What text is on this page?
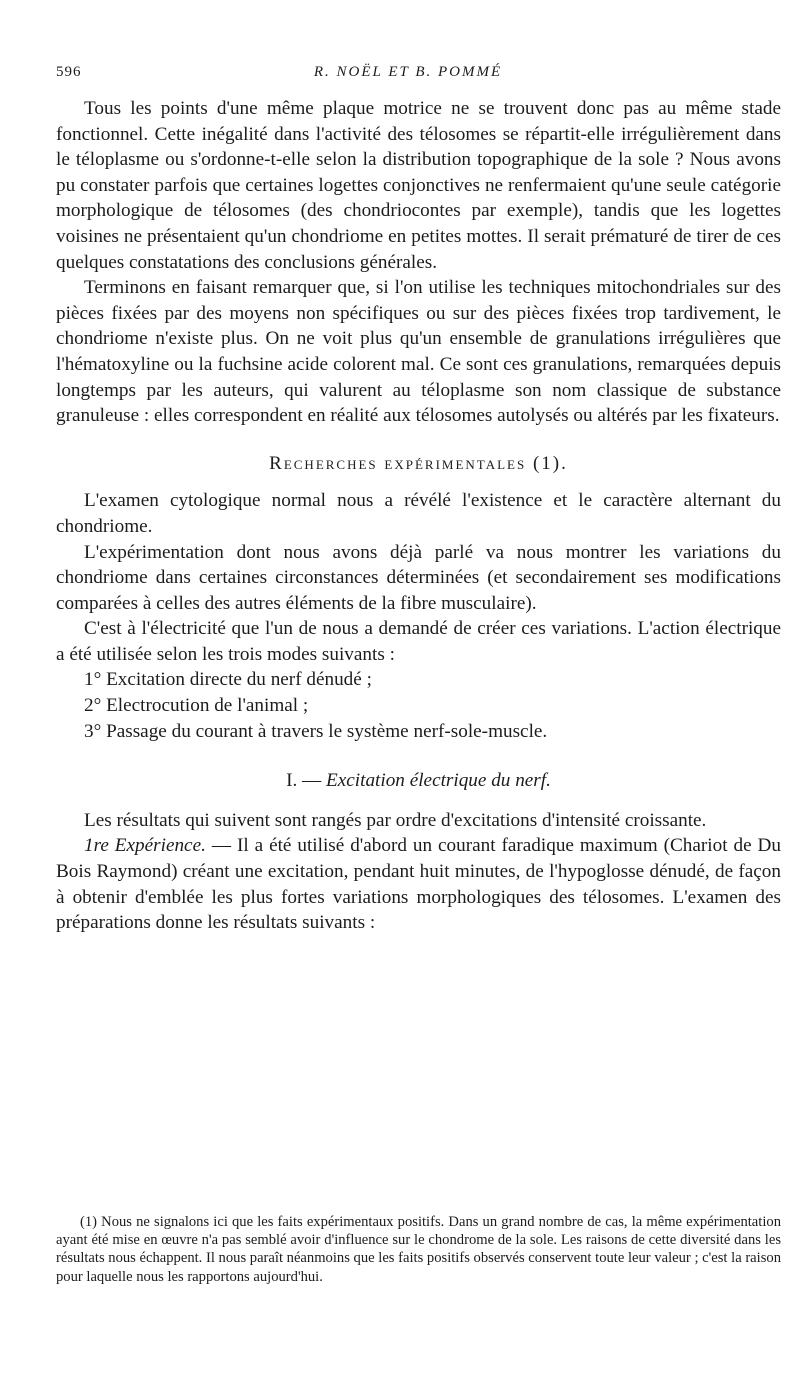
596	R. NOËL ET B. POMMÉ

Tous les points d'une même plaque motrice ne se trouvent donc pas au même stade fonctionnel. Cette inégalité dans l'activité des télosomes se répartit-elle irrégulièrement dans le téloplasme ou s'ordonne-t-elle selon la distribution topographique de la sole ? Nous avons pu constater parfois que certaines logettes conjonctives ne renfermaient qu'une seule catégorie morphologique de télosomes (des chondriocontes par exemple), tandis que les logettes voisines ne présentaient qu'un chondriome en petites mottes. Il serait prématuré de tirer de ces quelques constatations des conclusions générales.

Terminons en faisant remarquer que, si l'on utilise les techniques mitochondriales sur des pièces fixées par des moyens non spécifiques ou sur des pièces fixées trop tardivement, le chondriome n'existe plus. On ne voit plus qu'un ensemble de granulations irrégulières que l'hématoxyline ou la fuchsine acide colorent mal. Ce sont ces granulations, remarquées depuis longtemps par les auteurs, qui valurent au téloplasme son nom classique de substance granuleuse : elles correspondent en réalité aux télosomes autolysés ou altérés par les fixateurs.

Recherches expérimentales (1).

L'examen cytologique normal nous a révélé l'existence et le caractère alternant du chondriome.

L'expérimentation dont nous avons déjà parlé va nous montrer les variations du chondriome dans certaines circonstances déterminées (et secondairement ses modifications comparées à celles des autres éléments de la fibre musculaire).

C'est à l'électricité que l'un de nous a demandé de créer ces variations. L'action électrique a été utilisée selon les trois modes suivants :

1° Excitation directe du nerf dénudé ;

2° Electrocution de l'animal ;

3° Passage du courant à travers le système nerf-sole-muscle.

I. — Excitation électrique du nerf.

Les résultats qui suivent sont rangés par ordre d'excitations d'intensité croissante.

1re Expérience. — Il a été utilisé d'abord un courant faradique maximum (Chariot de Du Bois Raymond) créant une excitation, pendant huit minutes, de l'hypoglosse dénudé, de façon à obtenir d'emblée les plus fortes variations morphologiques des télosomes. L'examen des préparations donne les résultats suivants :

(1) Nous ne signalons ici que les faits expérimentaux positifs. Dans un grand nombre de cas, la même expérimentation ayant été mise en œuvre n'a pas semblé avoir d'influence sur le chondrome de la sole. Les raisons de cette diversité dans les résultats nous échappent. Il nous paraît néanmoins que les faits positifs observés conservent toute leur valeur ; c'est la raison pour laquelle nous les rapportons aujourd'hui.
